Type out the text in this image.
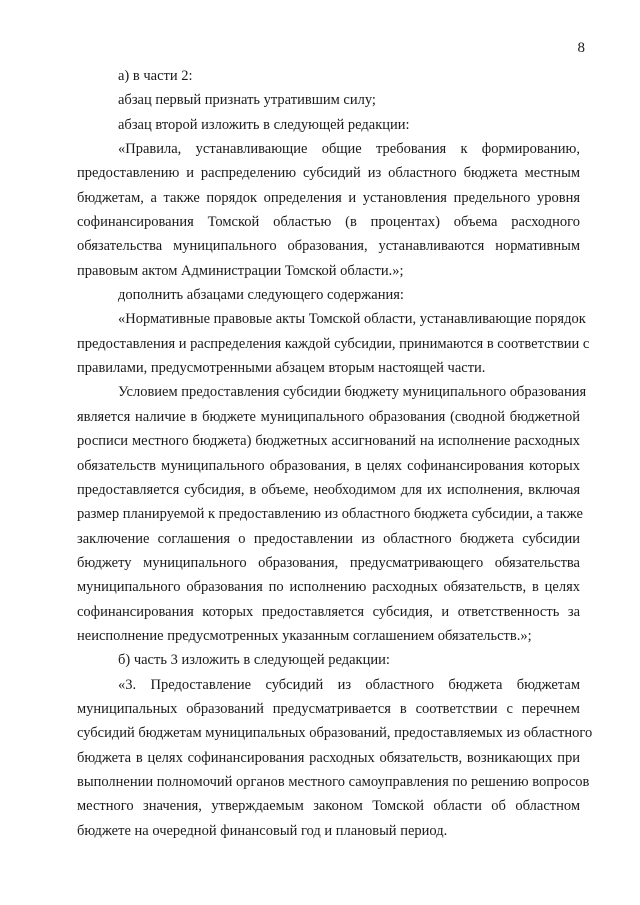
8
а) в части 2:
абзац первый признать утратившим силу;
абзац второй изложить в следующей редакции:
«Правила, устанавливающие общие требования к формированию,
предоставлению и распределению субсидий из областного бюджета местным
бюджетам, а также порядок определения и установления предельного уровня
софинансирования Томской областью (в процентах) объема расходного
обязательства муниципального образования, устанавливаются нормативным
правовым актом Администрации Томской области.»;
дополнить абзацами следующего содержания:
«Нормативные правовые акты Томской области, устанавливающие порядок
предоставления и распределения каждой субсидии, принимаются в соответствии с
правилами, предусмотренными абзацем вторым настоящей части.
Условием предоставления субсидии бюджету муниципального образования
является наличие в бюджете муниципального образования (сводной бюджетной
росписи местного бюджета) бюджетных ассигнований на исполнение расходных
обязательств муниципального образования, в целях софинансирования которых
предоставляется субсидия, в объеме, необходимом для их исполнения, включая
размер планируемой к предоставлению из областного бюджета субсидии, а также
заключение соглашения о предоставлении из областного бюджета субсидии
бюджету муниципального образования, предусматривающего обязательства
муниципального образования по исполнению расходных обязательств, в целях
софинансирования которых предоставляется субсидия, и ответственность за
неисполнение предусмотренных указанным соглашением обязательств.»;
б) часть 3 изложить в следующей редакции:
«3. Предоставление субсидий из областного бюджета бюджетам
муниципальных образований предусматривается в соответствии с перечнем
субсидий бюджетам муниципальных образований, предоставляемых из областного
бюджета в целях софинансирования расходных обязательств, возникающих при
выполнении полномочий органов местного самоуправления по решению вопросов
местного значения, утверждаемым законом Томской области об областном
бюджете на очередной финансовый год и плановый период.
